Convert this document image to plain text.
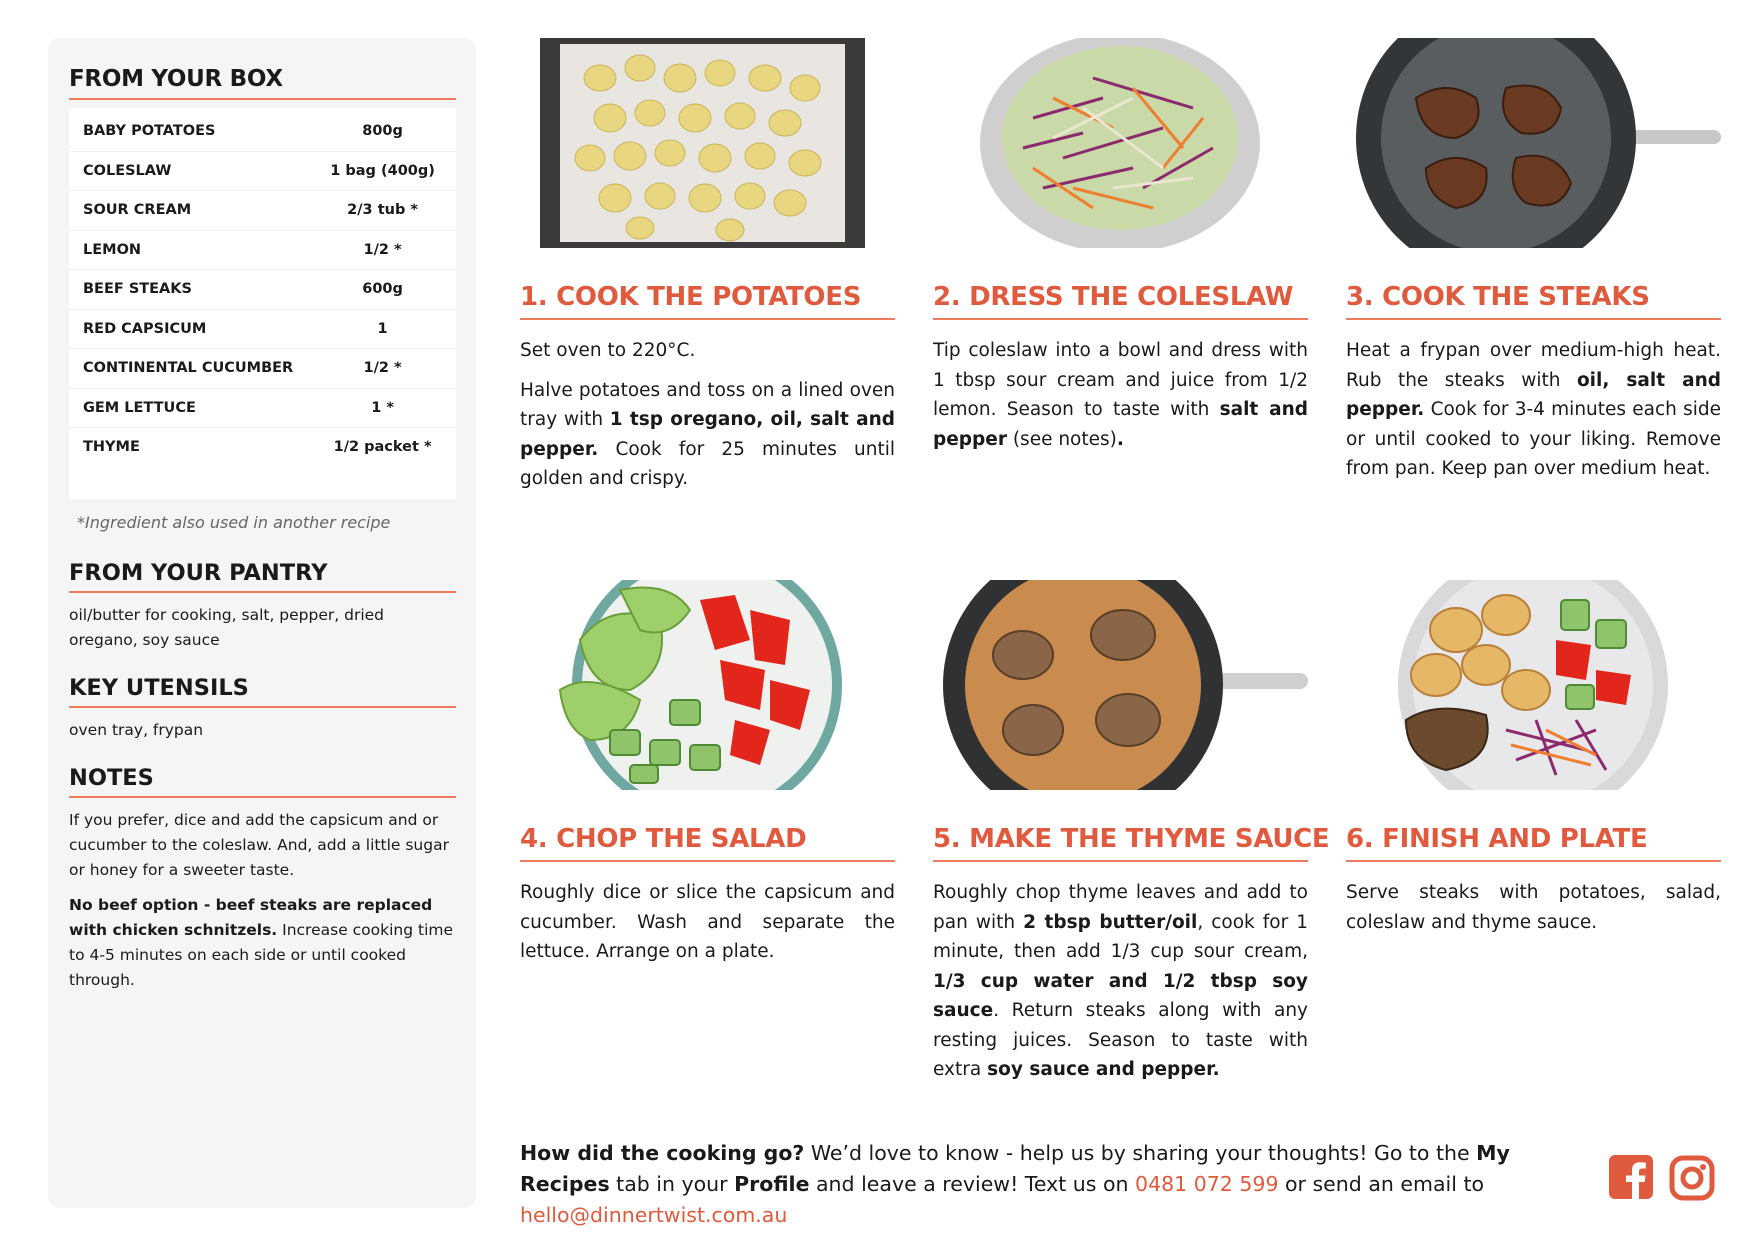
FROM YOUR BOX
BABY POTATOES	800g
COLESLAW	1 bag (400g)
SOUR CREAM	2/3 tub *
LEMON	1/2 *
BEEF STEAKS	600g
RED CAPSICUM	1
CONTINENTAL CUCUMBER	1/2 *
GEM LETTUCE	1 *
THYME	1/2 packet *
*Ingredient also used in another recipe
FROM YOUR PANTRY
oil/butter for cooking, salt, pepper, dried oregano, soy sauce
KEY UTENSILS
oven tray, frypan
NOTES

If you prefer, dice and add the capsicum and or cucumber to the coleslaw. And, add a little sugar or honey for a sweeter taste.

No beef option - beef steaks are replaced with chicken schnitzels. Increase cooking time to 4-5 minutes on each side or until cooked through.

1. COOK THE POTATOES

Set oven to 220°C.

Halve potatoes and toss on a lined oven tray with 1 tsp oregano, oil, salt and pepper. Cook for 25 minutes until golden and crispy.

2. DRESS THE COLESLAW

Tip coleslaw into a bowl and dress with 1 tbsp sour cream and juice from 1/2 lemon. Season to taste with salt and pepper (see notes).

3. COOK THE STEAKS

Heat a frypan over medium-high heat. Rub the steaks with oil, salt and pepper. Cook for 3-4 minutes each side or until cooked to your liking. Remove from pan. Keep pan over medium heat.

4. CHOP THE SALAD

Roughly dice or slice the capsicum and cucumber. Wash and separate the lettuce. Arrange on a plate.

5. MAKE THE THYME SAUCE

Roughly chop thyme leaves and add to pan with 2 tbsp butter/oil, cook for 1 minute, then add 1/3 cup sour cream, 1/3 cup water and 1/2 tbsp soy sauce. Return steaks along with any resting juices. Season to taste with extra soy sauce and pepper.

6. FINISH AND PLATE

Serve steaks with potatoes, salad, coleslaw and thyme sauce.

How did the cooking go? We’d love to know - help us by sharing your thoughts! Go to the My Recipes tab in your Profile and leave a review! Text us on 0481 072 599 or send an email to hello@dinnertwist.com.au
